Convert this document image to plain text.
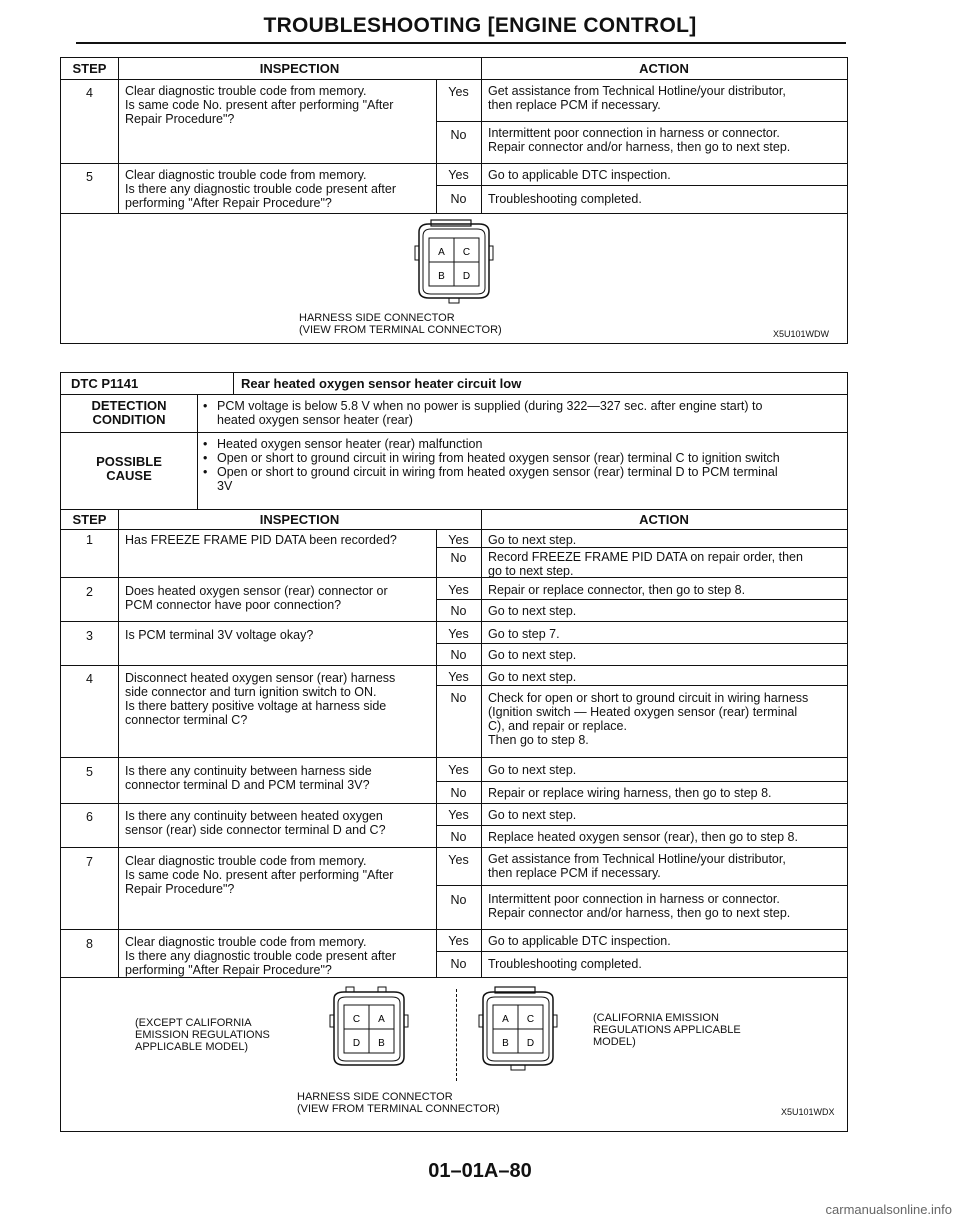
TROUBLESHOOTING [ENGINE CONTROL]
STEP	INSPECTION	ACTION
4	Clear diagnostic trouble code from memory.
Is same code No. present after performing "After
Repair Procedure"?
Yes	Get assistance from Technical Hotline/your distributor,
then replace PCM if necessary.
No	Intermittent poor connection in harness or connector.
Repair connector and/or harness, then go to next step.
5	Clear diagnostic trouble code from memory.
Is there any diagnostic trouble code present after
performing "After Repair Procedure"?
Yes	Go to applicable DTC inspection.
No	Troubleshooting completed.
A C
B D
HARNESS SIDE CONNECTOR
(VIEW FROM TERMINAL CONNECTOR)	X5U101WDW
DTC P1141	Rear heated oxygen sensor heater circuit low
DETECTION
CONDITION
• PCM voltage is below 5.8 V when no power is supplied (during 322—327 sec. after engine start) to
heated oxygen sensor heater (rear)
POSSIBLE
CAUSE
• Heated oxygen sensor heater (rear) malfunction
• Open or short to ground circuit in wiring from heated oxygen sensor (rear) terminal C to ignition switch
• Open or short to ground circuit in wiring from heated oxygen sensor (rear) terminal D to PCM terminal
3V
STEP	INSPECTION	ACTION
1	Has FREEZE FRAME PID DATA been recorded?	Yes	Go to next step.
No	Record FREEZE FRAME PID DATA on repair order, then
go to next step.
2	Does heated oxygen sensor (rear) connector or
PCM connector have poor connection?
Yes	Repair or replace connector, then go to step 8.
No	Go to next step.
3	Is PCM terminal 3V voltage okay?	Yes	Go to step 7.
No	Go to next step.
4	Disconnect heated oxygen sensor (rear) harness
side connector and turn ignition switch to ON.
Is there battery positive voltage at harness side
connector terminal C?
Yes	Go to next step.
No	Check for open or short to ground circuit in wiring harness
(Ignition switch — Heated oxygen sensor (rear) terminal
C), and repair or replace.
Then go to step 8.
5	Is there any continuity between harness side
connector terminal D and PCM terminal 3V?
Yes	Go to next step.
No	Repair or replace wiring harness, then go to step 8.
6	Is there any continuity between heated oxygen
sensor (rear) side connector terminal D and C?
Yes	Go to next step.
No	Replace heated oxygen sensor (rear), then go to step 8.
7	Clear diagnostic trouble code from memory.
Is same code No. present after performing "After
Repair Procedure"?
Yes	Get assistance from Technical Hotline/your distributor,
then replace PCM if necessary.
No	Intermittent poor connection in harness or connector.
Repair connector and/or harness, then go to next step.
8	Clear diagnostic trouble code from memory.
Is there any diagnostic trouble code present after
performing "After Repair Procedure"?
Yes	Go to applicable DTC inspection.
No	Troubleshooting completed.
(EXCEPT CALIFORNIA
EMISSION REGULATIONS
APPLICABLE MODEL)
C A
D B
A C
B D
(CALIFORNIA EMISSION
REGULATIONS APPLICABLE
MODEL)
HARNESS SIDE CONNECTOR
(VIEW FROM TERMINAL CONNECTOR)	X5U101WDX
01–01A–80
carmanualsonline.info
